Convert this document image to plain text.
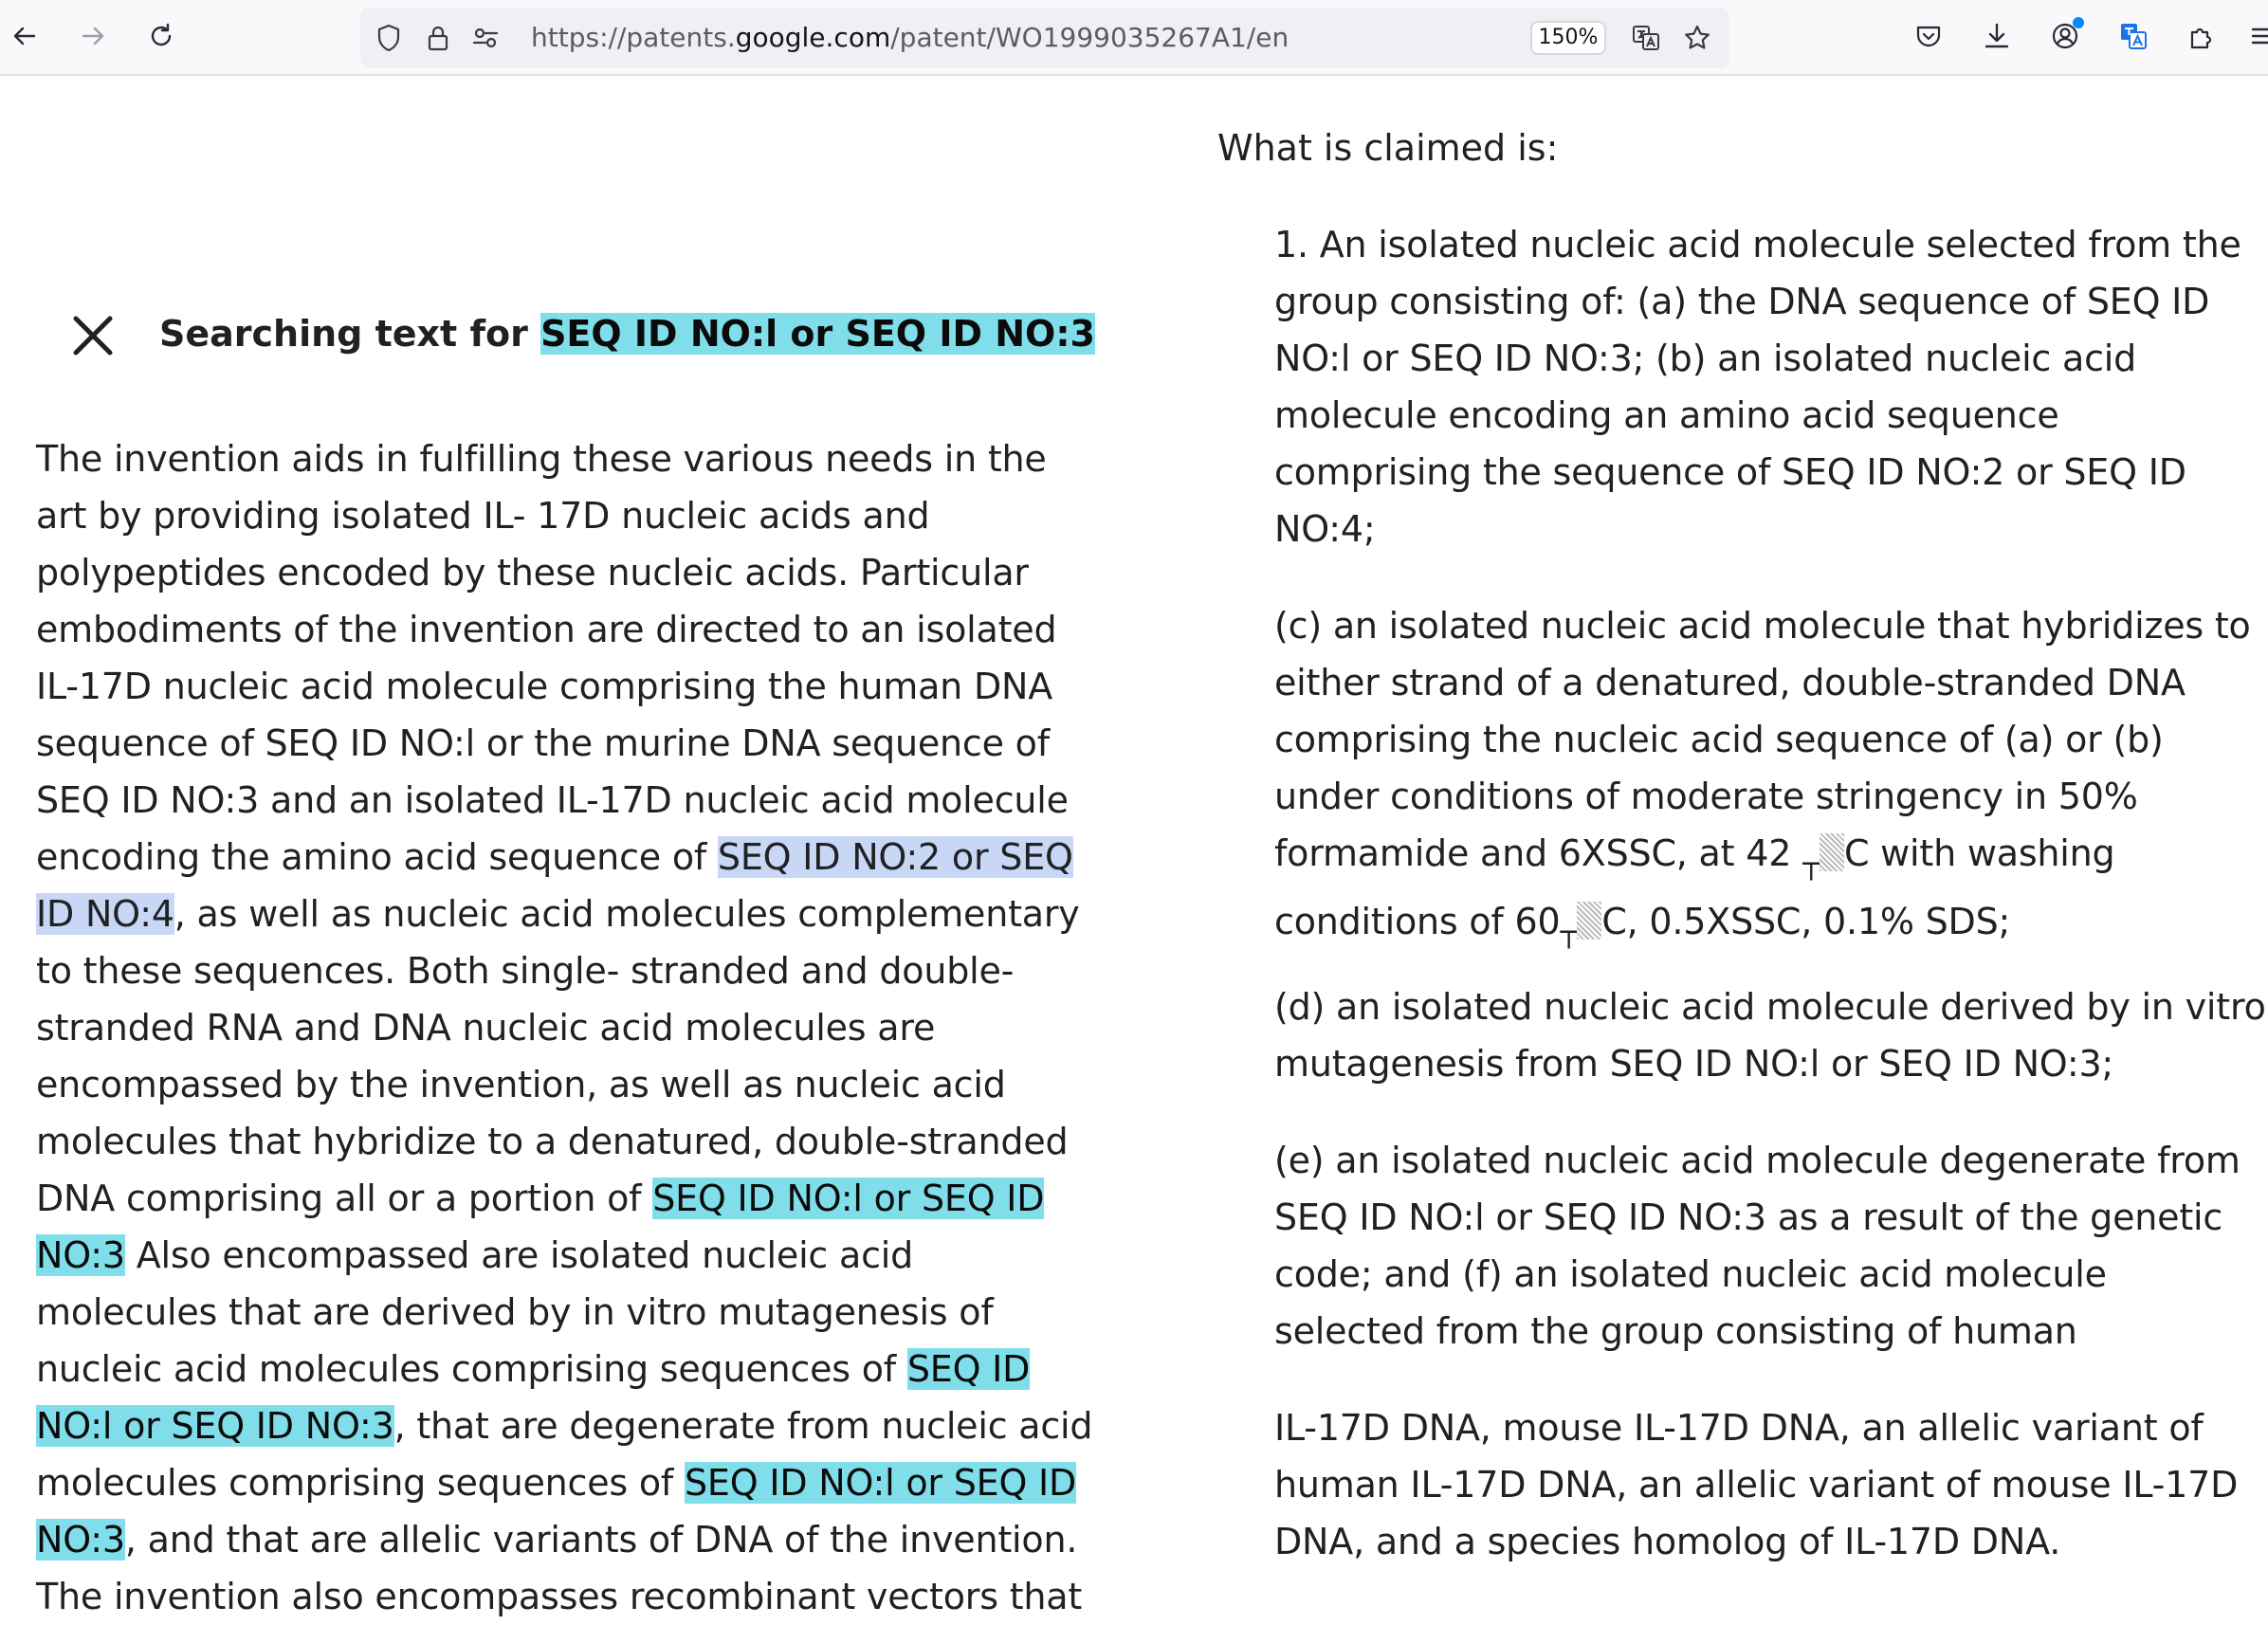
https://patents.google.com/patent/WO1999035267A1/en	150%
Searching text for SEQ ID NO:l or SEQ ID NO:3
The invention aids in fulfilling these various needs in the
art by providing isolated IL- 17D nucleic acids and
polypeptides encoded by these nucleic acids. Particular
embodiments of the invention are directed to an isolated
IL-17D nucleic acid molecule comprising the human DNA
sequence of SEQ ID NO:l or the murine DNA sequence of
SEQ ID NO:3 and an isolated IL-17D nucleic acid molecule
encoding the amino acid sequence of SEQ ID NO:2 or SEQ
ID NO:4, as well as nucleic acid molecules complementary
to these sequences. Both single- stranded and double-
stranded RNA and DNA nucleic acid molecules are
encompassed by the invention, as well as nucleic acid
molecules that hybridize to a denatured, double-stranded
DNA comprising all or a portion of SEQ ID NO:l or SEQ ID
NO:3 Also encompassed are isolated nucleic acid
molecules that are derived by in vitro mutagenesis of
nucleic acid molecules comprising sequences of SEQ ID
NO:l or SEQ ID NO:3, that are degenerate from nucleic acid
molecules comprising sequences of SEQ ID NO:l or SEQ ID
NO:3, and that are allelic variants of DNA of the invention.
The invention also encompasses recombinant vectors that
What is claimed is:
1. An isolated nucleic acid molecule selected from the
group consisting of: (a) the DNA sequence of SEQ ID
NO:l or SEQ ID NO:3; (b) an isolated nucleic acid
molecule encoding an amino acid sequence
comprising the sequence of SEQ ID NO:2 or SEQ ID
NO:4;
(c) an isolated nucleic acid molecule that hybridizes to
either strand of a denatured, double-stranded DNA
comprising the nucleic acid sequence of (a) or (b)
under conditions of moderate stringency in 50%
formamide and 6XSSC, at 42 ┬ C with washing
conditions of 60┬ C, 0.5XSSC, 0.1% SDS;
(d) an isolated nucleic acid molecule derived by in vitro
mutagenesis from SEQ ID NO:l or SEQ ID NO:3;
(e) an isolated nucleic acid molecule degenerate from
SEQ ID NO:l or SEQ ID NO:3 as a result of the genetic
code; and (f) an isolated nucleic acid molecule
selected from the group consisting of human
IL-17D DNA, mouse IL-17D DNA, an allelic variant of
human IL-17D DNA, an allelic variant of mouse IL-17D
DNA, and a species homolog of IL-17D DNA.
